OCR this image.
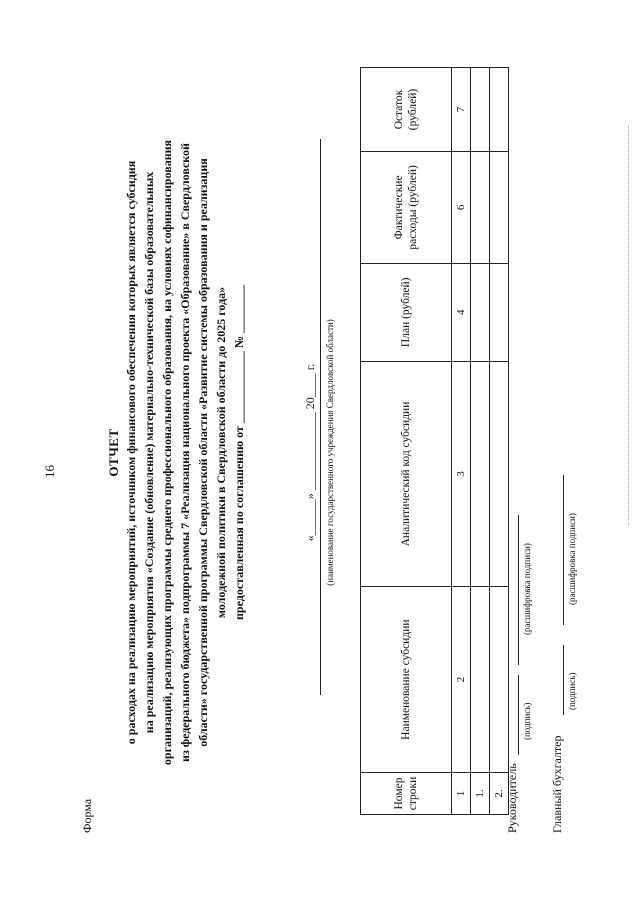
16
Форма
ОТЧЕТ о расходах на реализацию мероприятий, источником финансового обеспечения которых является субсидия на реализацию мероприятия «Создание (обновление) материально-технической базы образовательных организаций, реализующих программы среднего профессионального образования, на условиях софинансирования из федерального бюджета» подпрограммы 7 «Реализация национального проекта «Образование» в Свердловской области» государственной программы Свердловской области «Развитие системы образования и реализация молодежной политики в Свердловской области до 2025 года» предоставленная по соглашению от ____________ № ________	«______» _____________ 20____ г. (наименование государственного учреждения Свердловской области)
Номер строки	Наименование субсидии	Аналитический код субсидии	План (рублей)	Фактические расходы (рублей)	Остаток (рублей)
1	2	3	4	6	7
1.					
2.					Руководитель
(подпись)
(расшифровка подписи)
Главный бухгалтер
(подпись)
(расшифровка подписи)
